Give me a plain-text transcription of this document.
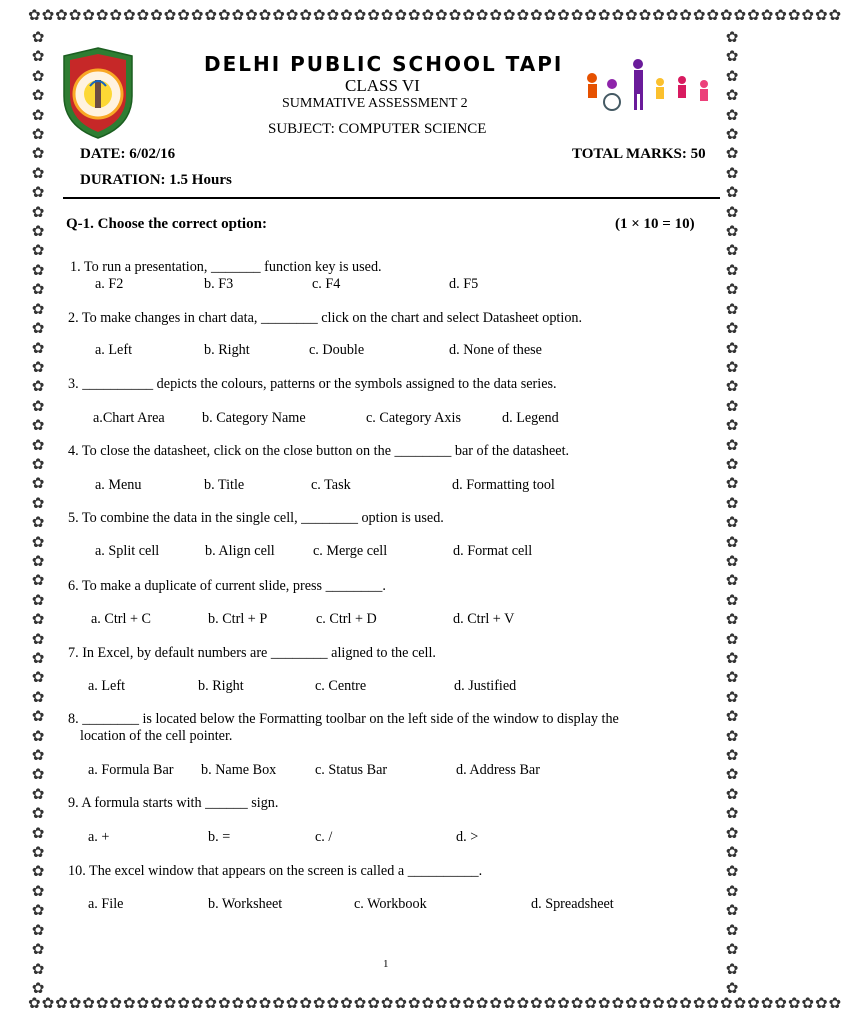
✿✿✿✿✿✿✿✿✿✿✿✿✿✿✿✿✿✿✿✿✿✿✿✿✿✿✿✿✿✿✿✿✿✿✿✿✿✿✿✿✿✿✿✿✿✿✿✿✿✿✿✿✿✿✿✿✿✿✿✿
✿✿✿✿✿✿✿✿✿✿✿✿✿✿✿✿✿✿✿✿✿✿✿✿✿✿✿✿✿✿✿✿✿✿✿✿✿✿✿✿✿✿✿✿✿✿✿✿✿✿✿✿✿✿✿✿✿✿✿✿
✿✿✿✿✿✿✿✿✿✿✿✿✿✿✿✿✿✿✿✿✿✿✿✿✿✿✿✿✿✿✿✿✿✿✿✿✿✿✿✿✿✿✿✿✿✿✿✿✿✿
✿✿✿✿✿✿✿✿✿✿✿✿✿✿✿✿✿✿✿✿✿✿✿✿✿✿✿✿✿✿✿✿✿✿✿✿✿✿✿✿✿✿✿✿✿✿✿✿✿✿
DELHI PUBLIC SCHOOL TAPI
CLASS VI
SUMMATIVE ASSESSMENT 2
SUBJECT: COMPUTER SCIENCE
DATE: 6/02/16	TOTAL MARKS: 50
DURATION: 1.5 Hours
Q-1. Choose the correct option:	(1 × 10 = 10)
1. To run a presentation, _______ function key is used.
a. F2	b. F3	c. F4	d. F5
2. To make changes in chart data, ________ click on the chart and select Datasheet option.
a. Left	b. Right	c. Double	d. None of these
3. __________ depicts the colours, patterns or the symbols assigned to the data series.
a.Chart Area	b. Category Name	c. Category Axis	d. Legend
4. To close the datasheet, click on the close button on the ________ bar of the datasheet.
a. Menu	b. Title	c. Task	d. Formatting tool
5. To combine the data in the single cell, ________ option is used.
a. Split cell	b. Align cell	c. Merge cell	d. Format cell
6. To make a duplicate of current slide, press ________.
a. Ctrl + C	b. Ctrl + P	c. Ctrl + D	d. Ctrl + V
7. In Excel, by default numbers are ________ aligned to the cell.
a. Left	b. Right	c. Centre	d. Justified
8. ________ is located below the Formatting toolbar on the left side of the window to display the
location of the cell pointer.
a. Formula Bar b. Name Box	c. Status Bar	d. Address Bar
9. A formula starts with ______ sign.
a. +	b. =	c. /	d. >
10. The excel window that appears on the screen is called a __________.
a. File	b. Worksheet	c. Workbook	d. Spreadsheet
1
